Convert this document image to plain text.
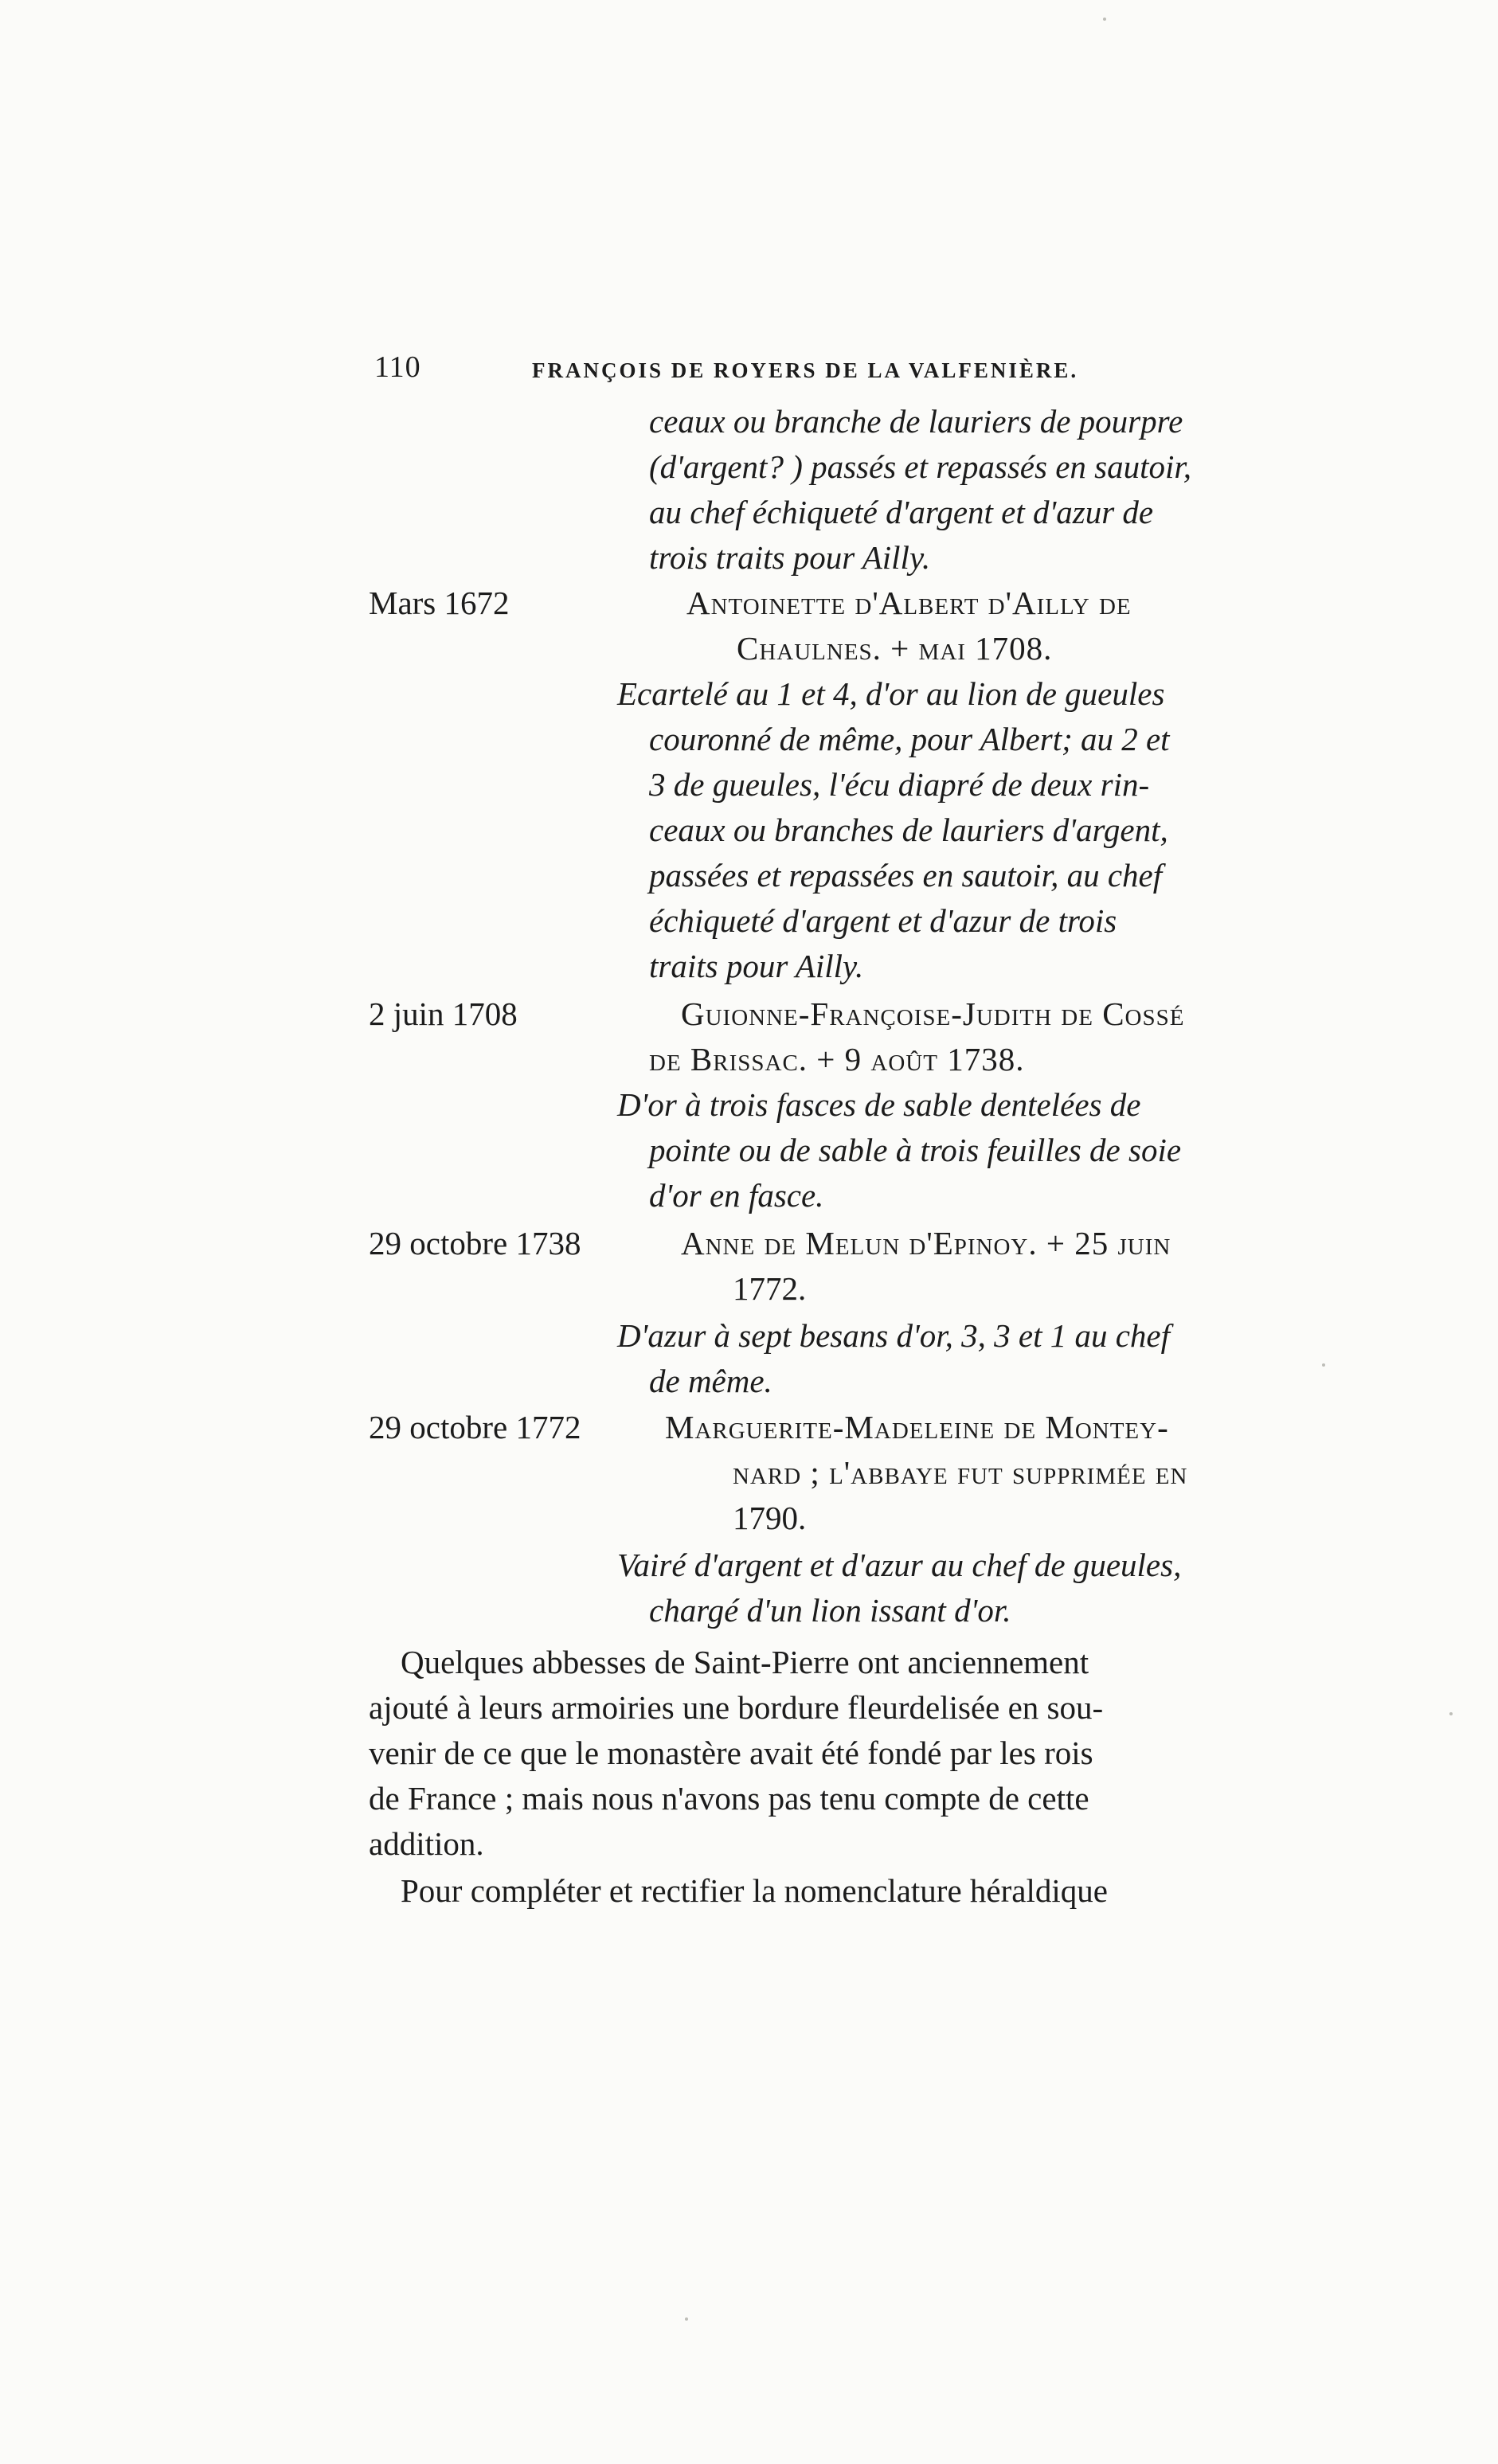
110	FRANÇOIS DE ROYERS DE LA VALFENIÈRE.
ceaux ou branche de lauriers de pourpre
(d'argent? ) passés et repassés en sautoir,
au chef échiqueté d'argent et d'azur de
trois traits pour Ailly.
Mars 1672	Antoinette d'Albert d'Ailly de
Chaulnes. + mai 1708.
Ecartelé au 1 et 4, d'or au lion de gueules
couronné de même, pour Albert; au 2 et
3 de gueules, l'écu diapré de deux rin-
ceaux ou branches de lauriers d'argent,
passées et repassées en sautoir, au chef
échiqueté d'argent et d'azur de trois
traits pour Ailly.
2 juin 1708	Guionne-Françoise-Judith de Cossé
de Brissac. + 9 août 1738.
D'or à trois fasces de sable dentelées de
pointe ou de sable à trois feuilles de soie
d'or en fasce.
29 octobre 1738	Anne de Melun d'Epinoy. + 25 juin
1772.
D'azur à sept besans d'or, 3, 3 et 1 au chef
de même.
29 octobre 1772	Marguerite-Madeleine de Montey-
nard ; l'abbaye fut supprimée en
1790.
Vairé d'argent et d'azur au chef de gueules,
chargé d'un lion issant d'or.
Quelques abbesses de Saint-Pierre ont anciennement
ajouté à leurs armoiries une bordure fleurdelisée en sou-
venir de ce que le monastère avait été fondé par les rois
de France ; mais nous n'avons pas tenu compte de cette
addition.
Pour compléter et rectifier la nomenclature héraldique
